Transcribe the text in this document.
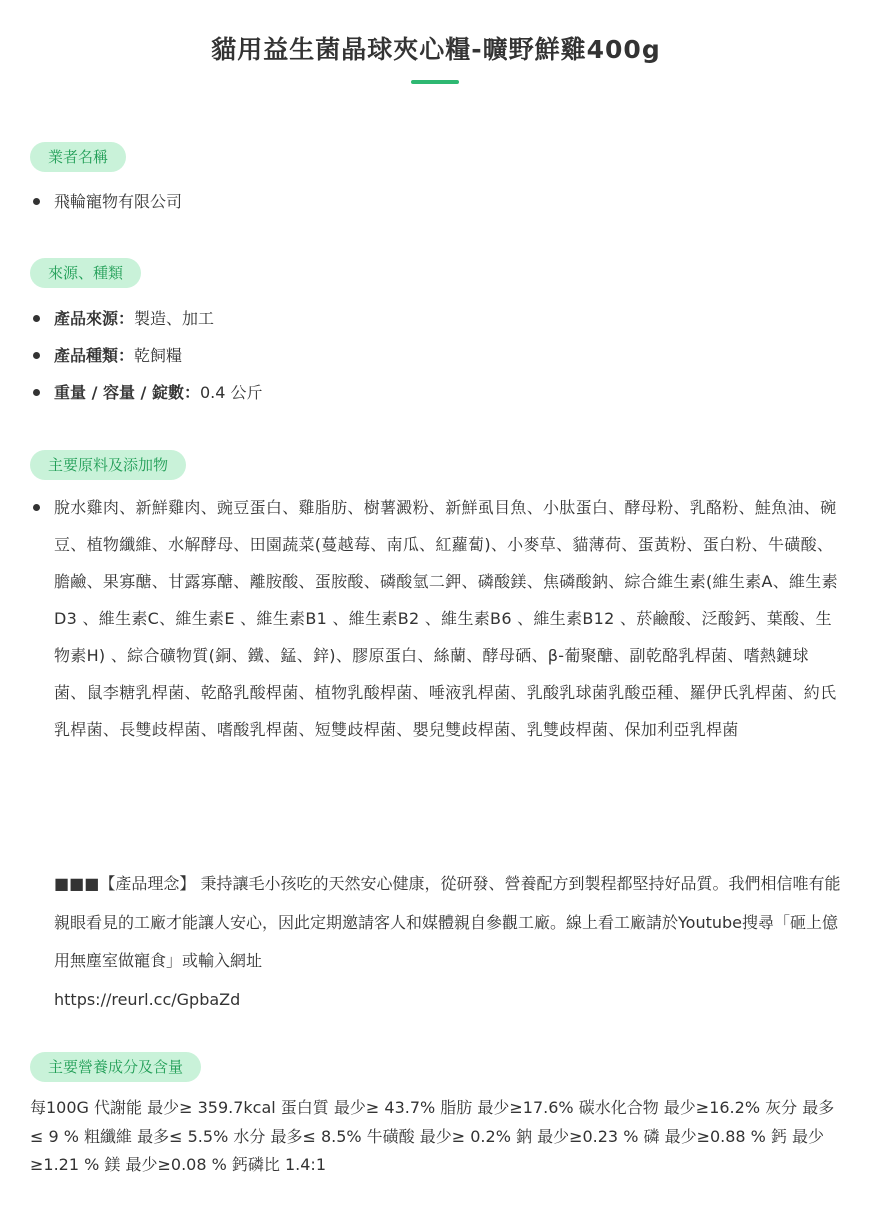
貓用益生菌晶球夾心糧-曠野鮮雞400g
業者名稱
飛輪寵物有限公司
來源、種類
產品來源：製造、加工
產品種類：乾飼糧
重量 / 容量 / 錠數：0.4 公斤
主要原料及添加物
脫水雞肉、新鮮雞肉、豌豆蛋白、雞脂肪、樹薯澱粉、新鮮虱目魚、小肽蛋白、酵母粉、乳酪粉、鮭魚油、碗豆、植物纖維、水解酵母、田園蔬菜(蔓越莓、南瓜、紅蘿蔔)、小麥草、貓薄荷、蛋黃粉、蛋白粉、牛磺酸、膽鹼、果寡醣、甘露寡醣、離胺酸、蛋胺酸、磷酸氫二鉀、磷酸鎂、焦磷酸鈉、綜合維生素(維生素A、維生素D3 、維生素C、維生素E 、維生素B1 、維生素B2 、維生素B6 、維生素B12 、菸鹼酸、泛酸鈣、葉酸、生物素H) 、綜合礦物質(銅、鐵、錳、鋅)、膠原蛋白、絲蘭、酵母硒、β-葡聚醣、副乾酪乳桿菌、嗜熱鏈球菌、鼠李糖乳桿菌、乾酪乳酸桿菌、植物乳酸桿菌、唾液乳桿菌、乳酸乳球菌乳酸亞種、羅伊氏乳桿菌、約氏乳桿菌、長雙歧桿菌、嗜酸乳桿菌、短雙歧桿菌、嬰兒雙歧桿菌、乳雙歧桿菌、保加利亞乳桿菌

■■■【產品理念】 秉持讓毛小孩吃的天然安心健康，從研發、營養配方到製程都堅持好品質。我們相信唯有能親眼看見的工廠才能讓人安心，因此定期邀請客人和媒體親自參觀工廠。線上看工廠請於Youtube搜尋「砸上億用無塵室做寵食」或輸入網址
https://reurl.cc/GpbaZd

主要營養成分及含量

每100G 代謝能 最少≥ 359.7kcal 蛋白質 最少≥ 43.7% 脂肪 最少≥17.6% 碳水化合物 最少≥16.2% 灰分 最多≤ 9 % 粗纖維 最多≤ 5.5% 水分 最多≤ 8.5% 牛磺酸 最少≥ 0.2% 鈉 最少≥0.23 % 磷 最少≥0.88 % 鈣 最少≥1.21 % 鎂 最少≥0.08 % 鈣磷比 1.4:1
